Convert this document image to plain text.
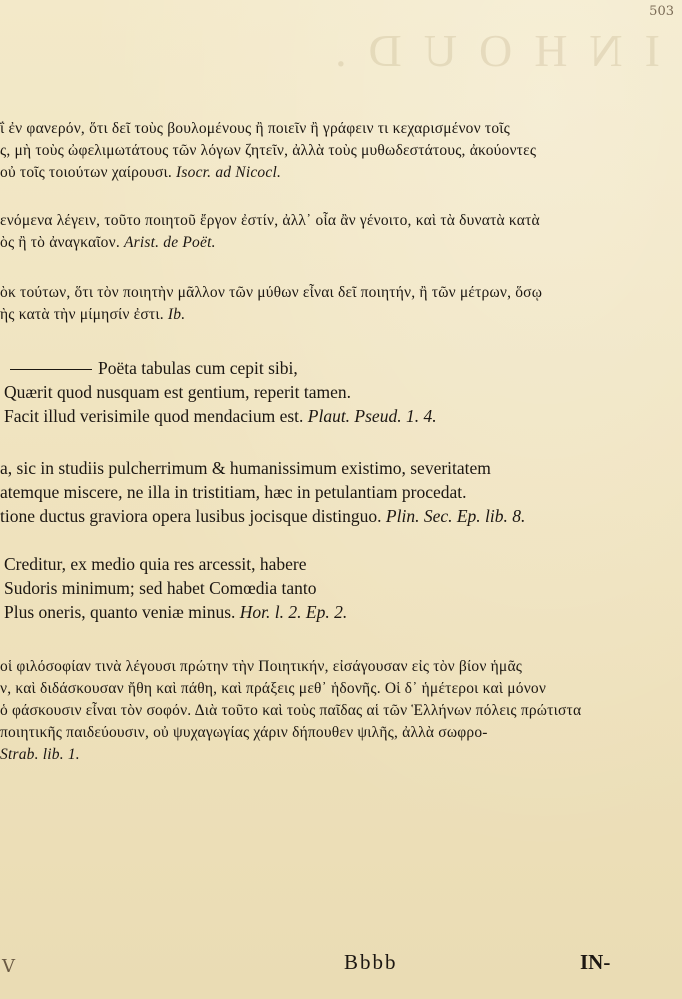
INHOUD.
503
ΐ ἐν φανερόν, ὅτι δεῖ τοὺς βουλομένους ἢ ποιεῖν ἢ γράφειν τι κεχαρισμένον τοῖς
ς, μὴ τοὺς ὠφελιμωτάτους τῶν λόγων ζητεῖν, ἀλλὰ τοὺς μυθωδεστάτους, ἀκούοντες
οὐ τοῖς τοιούτων χαίρουσι. Isocr. ad Nicocl.
ενόμενα λέγειν, τοῦτο ποιητοῦ ἔργον ἐστίν, ἀλλ᾽ οἷα ἂν γένοιτο, καὶ τὰ δυνατὰ κατὰ
ὸς ἢ τὸ ἀναγκαῖον. Arist. de Poët.
ὸκ τούτων, ὅτι τὸν ποιητὴν μᾶλλον τῶν μύθων εἶναι δεῖ ποιητήν, ἢ τῶν μέτρων, ὅσῳ
ὴς κατὰ τὴν μίμησίν ἐστι. Ib.
Poëta tabulas cum cepit sibi,
Quærit quod nusquam est gentium, reperit tamen.
Facit illud verisimile quod mendacium est. Plaut. Pseud. 1. 4.
a, sic in studiis pulcherrimum & humanissimum existimo, severitatem
atemque miscere, ne illa in tristitiam, hæc in petulantiam procedat.
tione ductus graviora opera lusibus jocisque distinguo. Plin. Sec. Ep. lib. 8.
Creditur, ex medio quia res arcessit, habere
Sudoris minimum; sed habet Comœdia tanto
Plus oneris, quanto veniæ minus. Hor. l. 2. Ep. 2.
οἱ φιλόσοφίαν τινὰ λέγουσι πρώτην τὴν Ποιητικήν, εἰσάγουσαν εἰς τὸν βίον ἡμᾶς
ν, καὶ διδάσκουσαν ἤθη καὶ πάθη, καὶ πράξεις μεθ᾽ ἡδονῆς. Οἱ δ᾽ ἡμέτεροι καὶ μόνον
ὁ φάσκουσιν εἶναι τὸν σοφόν. Διὰ τοῦτο καὶ τοὺς παῖδας αἱ τῶν Ἑλλήνων πόλεις πρώτιστα
ποιητικῆς παιδεύουσιν, οὐ ψυχαγωγίας χάριν δήπουθεν ψιλῆς, ἀλλὰ σωφρο-
Strab. lib. 1.
V	Bbbb	IN-
